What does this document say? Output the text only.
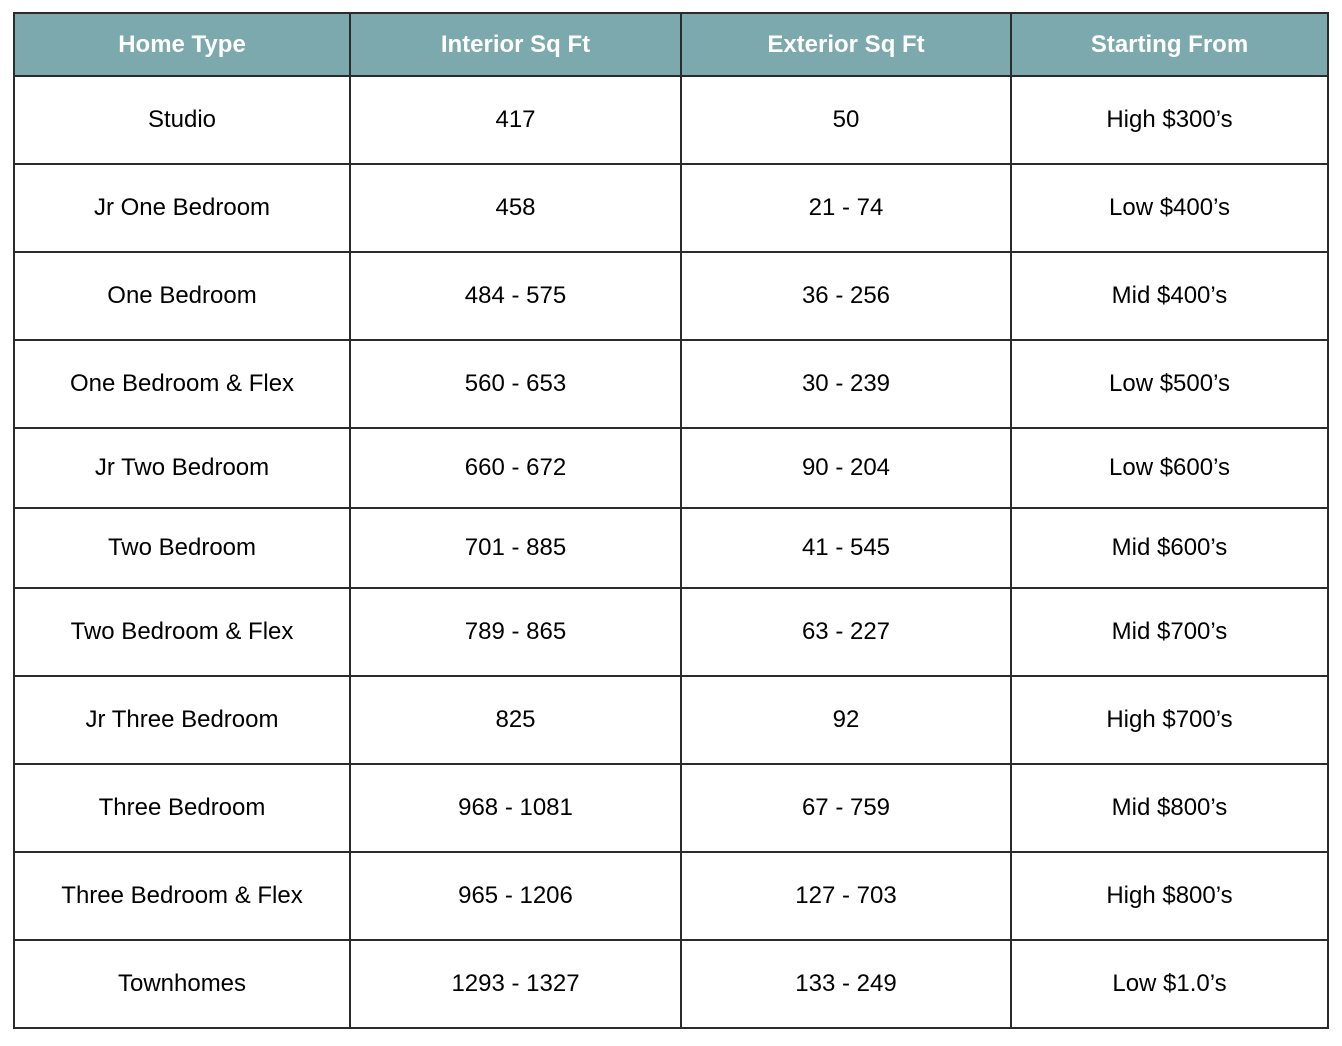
Home Type	Interior Sq Ft	Exterior Sq Ft	Starting From
Studio	417	50	High $300’s
Jr One Bedroom	458	21 - 74	Low $400’s
One Bedroom	484 - 575	36 - 256	Mid $400’s
One Bedroom & Flex	560 - 653	30 - 239	Low $500’s
Jr Two Bedroom	660 - 672	90 - 204	Low $600’s
Two Bedroom	701 - 885	41 - 545	Mid $600’s
Two Bedroom & Flex	789 - 865	63 - 227	Mid $700’s
Jr Three Bedroom	825	92	High $700’s
Three Bedroom	968 - 1081	67 - 759	Mid $800’s
Three Bedroom & Flex	965 - 1206	127 - 703	High $800’s
Townhomes	1293 - 1327	133 - 249	Low $1.0’s
